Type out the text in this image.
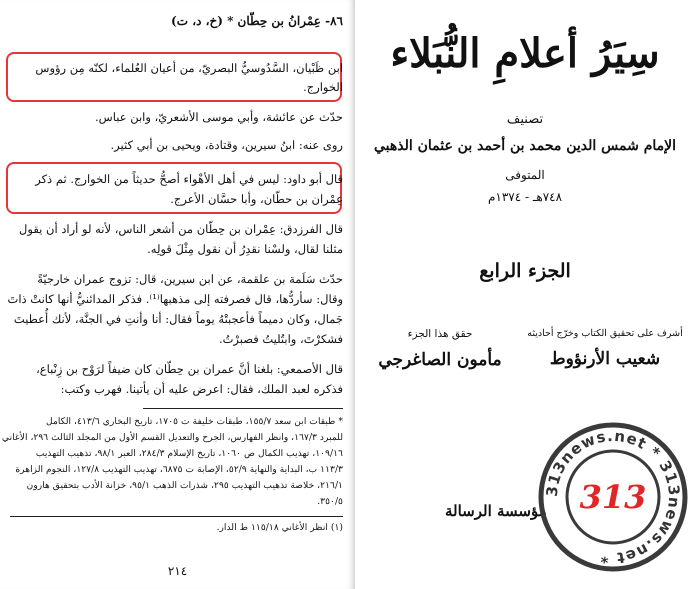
٨٦- عِمْرانُ بن حِطّان * (خ، د، ت)
ابن ظَبْيان، السَّدُوسيُّ البصريّ، من أعيان العُلماء، لكنّه مِن رؤوس
الخوارج.
حدّث عن عائشة، وأبي موسى الأشعريّ، وابن عباس.
روى عنه: ابنُ سيرين، وقتادة، ويحيى بن أبي كثير.
قال أبو داود: ليس في أهل الأهْواء أصحُّ حديثاً من الخوارج. ثم ذكر
عِمْران بن حطّان، وأبا حسَّان الأعرج.
قال الفرزدق: عِمْران بن حِطّان من أشعر الناس، لأنه لو أراد أن يقول
مثلنا لقال، ولسْنا نقدِرُ أن نقول مِثْلَ قولِه.
حدّث سَلَمة بن علقمة، عن ابن سيرين، قال: تزوج عمران خارجيّةً
وقال: سأردُّها، قال فصرفته إلى مذهبها⁽¹⁾. فذكر المدائنيُّ أنها كانتْ ذاتَ
جَمال، وكان دميماً فأعجبتْهُ يوماً فقال: أنا وأنتِ في الجنَّة، لأنك أُعطيتَ
فشكرْتَ، وابتُليتُ فصبرْتُ.
قال الأصمعي: بلغنا أنَّ عمران بن حِطّان كان ضيفاً لرَوْح بن زِنْباع،
فذكره لعبد الملك، فقال: اعرض عليه أن يأتينا. فهرب وكتب:
* طبقات ابن سعد ١٥٥/٧، طبقات خليفة ت ١٧٠٥، تاريخ البخاري ٤١٣/٦، الكامل
للمبرد ١٦٧/٣، وانظر الفهارس، الجرح والتعديل القسم الأول من المجلد الثالث ٢٩٦، الأغاني
١٠٩/١٦، تهذيب الكمال ص ١٠٦٠، تاريخ الإسلام ٢٨٤/٣، العبر ٩٨/١، تذهيب التهذيب
١١٣/٣ ب، البداية والنهاية ٥٢/٩، الإصابة ت ٦٨٧٥، تهذيب التهذيب ١٢٧/٨، النجوم الزاهرة
٢١٦/١، خلاصة تذهيب التهذيب ٢٩٥، شذرات الذهب ٩٥/١، خزانة الأدب بتحقيق هارون
٣٥٠/٥.
(١) انظر الأغاني ١١٥/١٨ ط الدار.
٢١٤
سِيَرُ أعلامِ النُّبَلاء
تصنيف
الإمام شمس الدين محمد بن أحمد بن عثمان الذهبي
المتوفى
٧٤٨هـ - ١٣٧٤م
الجزء الرابع
حقق هذا الجزء
مأمون الصاغرجي
أشرف على تحقيق الكتاب وخرّج أحاديثه
شعيب الأرنؤوط
مؤسسة الرسالة
313news.net * 313news.net *
313
